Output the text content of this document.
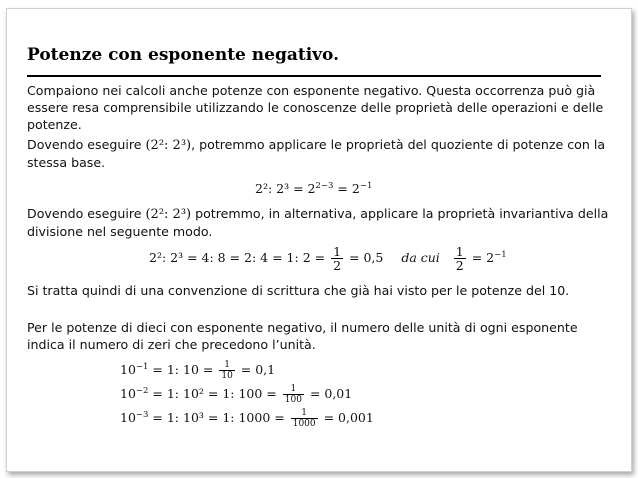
Potenze con esponente negativo.

Compaiono nei calcoli anche potenze con esponente negativo. Questa occorrenza può già essere resa comprensibile utilizzando le conoscenze delle proprietà delle operazioni e delle potenze.

Dovendo eseguire (2²: 2³), potremmo applicare le proprietà del quoziente di potenze con la stessa base.

2²: $2^3 = 2^{2-3} = 2^{-1}$

Dovendo eseguire (2²: 2³) potremmo, in alternativa, applicare la proprietà invariantiva della divisione nel seguente modo.

2²: 2³ = 4: 8 = 2: 4 = 1: $2 = \frac{1}{2} = 0,5$ da cui $\frac{1}{2} = 2^{-1}$

Si tratta quindi di una convenzione di scrittura che già hai visto per le potenze del 10.

Per le potenze di dieci con esponente negativo, il numero delle unità di ogni esponente indica il numero di zeri che precedono l’unità.

$10^{-1} = 1$: $10 = \frac{1}{10} = 0,1$
$10^{-2} = 1$: 10² = 1: $100 = \frac{1}{100} = 0,01$
$10^{-3} = 1$: 10³ = 1: $1000 = \frac{1}{1000} = 0,001$
